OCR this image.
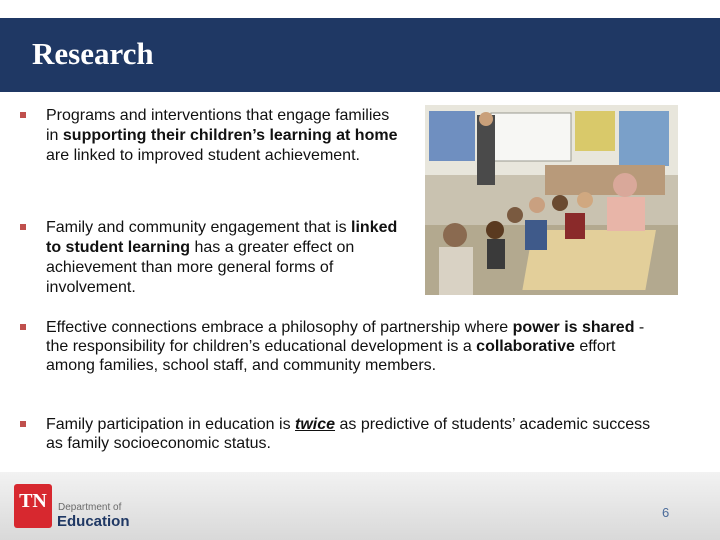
Research
Programs and interventions that engage families in supporting their children’s learning at home are linked to improved student achievement.
Family and community engagement that is linked to student learning has a greater effect on achievement than more general forms of involvement.
Effective connections embrace a philosophy of partnership where power is shared - the responsibility for children’s educational development is a collaborative effort among families, school staff, and community members.
Family participation in education is twice as predictive of students’ academic success as family socioeconomic status.
TN	Department of
Education
6
